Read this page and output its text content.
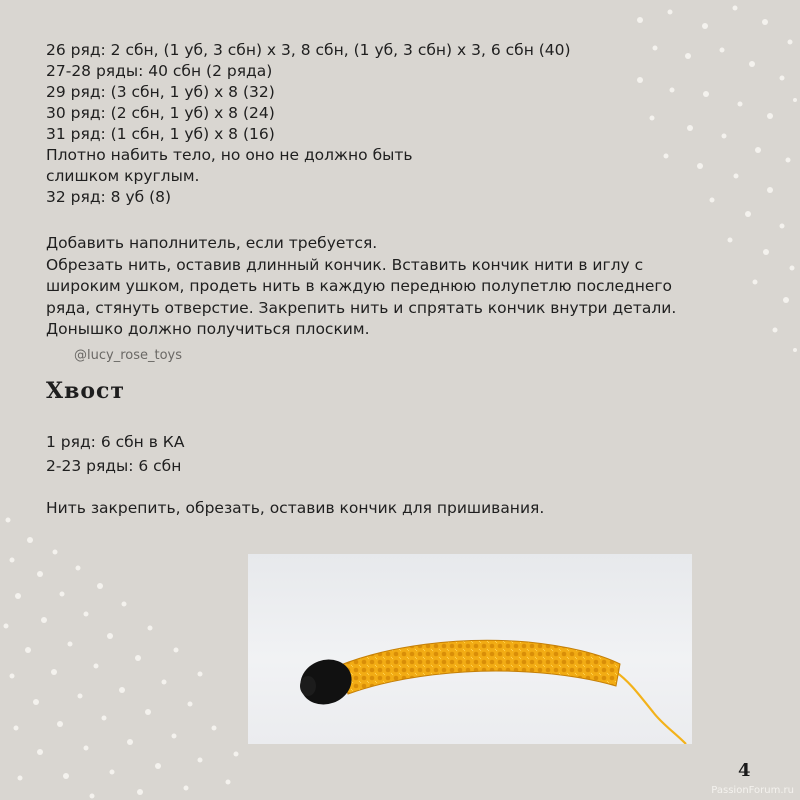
26 ряд: 2 сбн, (1 уб, 3 сбн) х 3, 8 сбн, (1 уб, 3 сбн) х 3, 6 сбн (40)
27-28 ряды: 40 сбн (2 ряда)
29 ряд: (3 сбн, 1 уб) х 8 (32)
30 ряд: (2 сбн, 1 уб) х 8 (24)
31 ряд: (1 сбн, 1 уб) х 8 (16)
Плотно набить тело, но оно не должно быть
слишком круглым.
32 ряд: 8 уб (8)
Добавить наполнитель, если требуется.
Обрезать нить, оставив длинный кончик. Вставить кончик нити в иглу с
широким ушком, продеть нить в каждую переднюю полупетлю последнего
ряда, стянуть отверстие. Закрепить нить и спрятать кончик внутри детали.
Донышко должно получиться плоским.
@lucy_rose_toys
Хвост
1 ряд: 6 сбн в КА
2-23 ряды: 6 сбн
Нить закрепить, обрезать, оставив кончик для пришивания.
4
PassionForum.ru
